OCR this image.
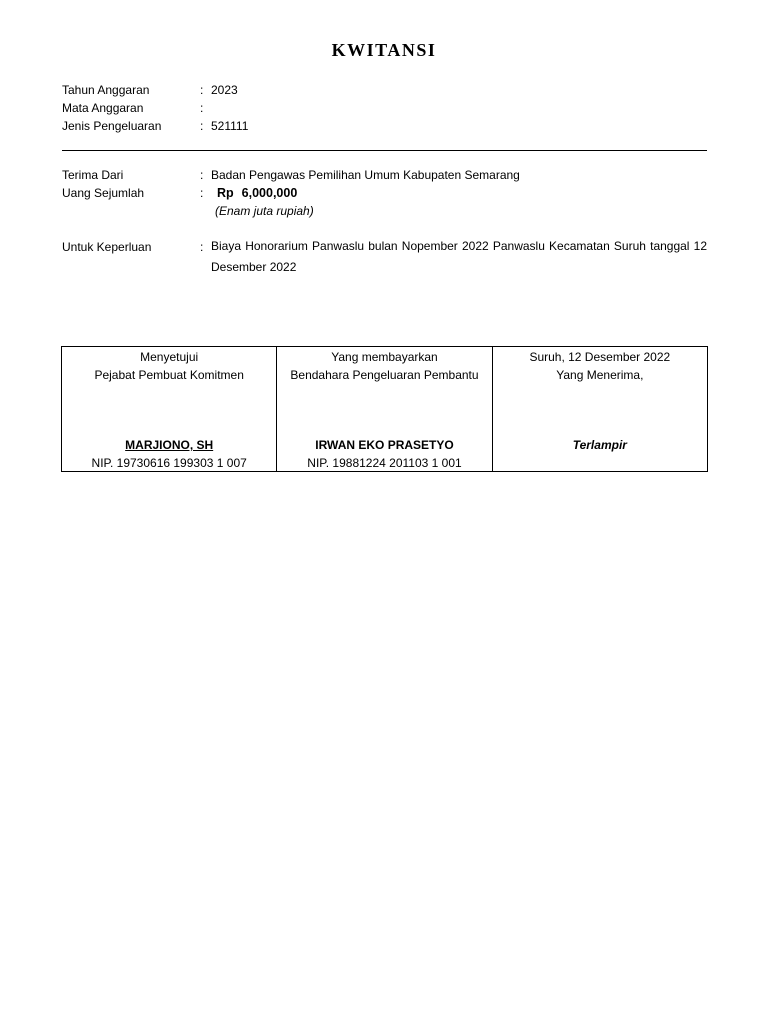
KWITANSI
Tahun Anggaran	: 2023
Mata Anggaran	:
Jenis Pengeluaran	: 521111
Terima Dari	: Badan Pengawas Pemilihan Umum Kabupaten Semarang
Uang Sejumlah	: Rp 6,000,000
(Enam juta rupiah)
Untuk Keperluan	: Biaya Honorarium Panwaslu bulan Nopember 2022 Panwaslu Kecamatan Suruh tanggal 12 Desember 2022
Menyetujui
Pejabat Pembuat Komitmen
MARJIONO, SH
NIP. 19730616 199303 1 007

Yang membayarkan
Bendahara Pengeluaran Pembantu
IRWAN EKO PRASETYO
NIP. 19881224 201103 1 001

Suruh, 12 Desember 2022
Yang Menerima,
Terlampir
